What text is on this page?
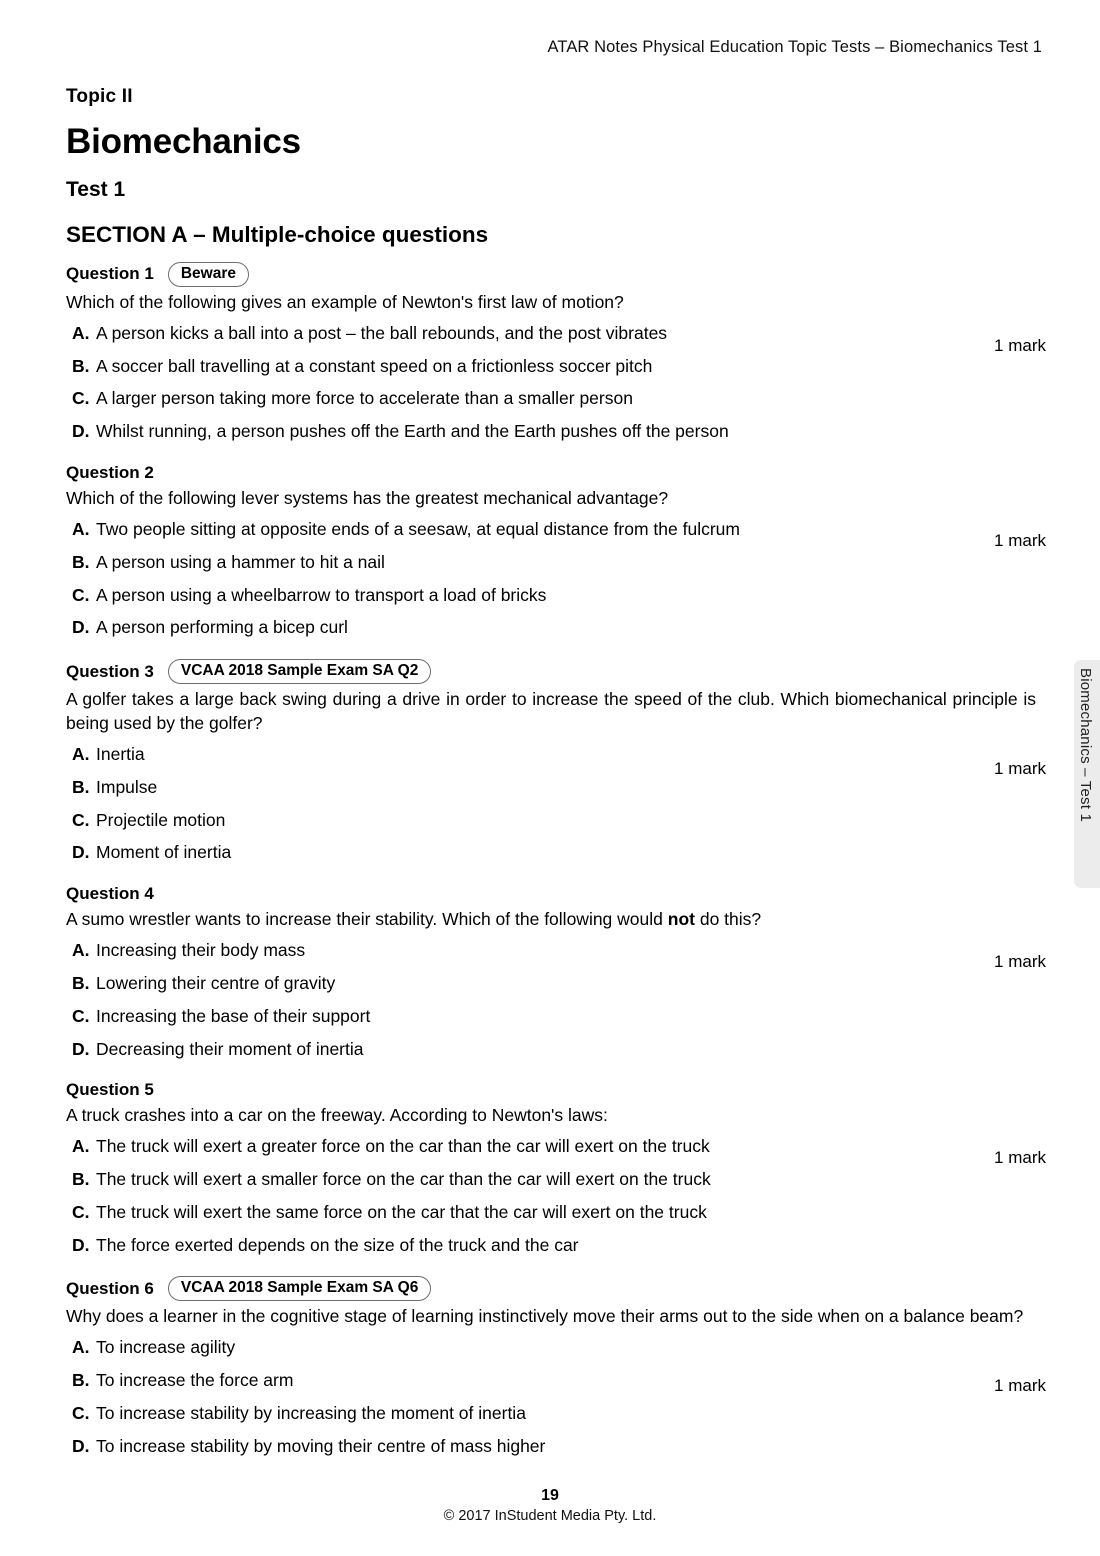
ATAR Notes Physical Education Topic Tests – Biomechanics Test 1
Topic II
Biomechanics
Test 1
SECTION A – Multiple-choice questions
Question 1	Beware
Which of the following gives an example of Newton's first law of motion?
1 mark
A. A person kicks a ball into a post – the ball rebounds, and the post vibrates
B. A soccer ball travelling at a constant speed on a frictionless soccer pitch
C. A larger person taking more force to accelerate than a smaller person
D. Whilst running, a person pushes off the Earth and the Earth pushes off the person
Question 2
Which of the following lever systems has the greatest mechanical advantage?
1 mark
A. Two people sitting at opposite ends of a seesaw, at equal distance from the fulcrum
B. A person using a hammer to hit a nail
C. A person using a wheelbarrow to transport a load of bricks
D. A person performing a bicep curl
Question 3	VCAA 2018 Sample Exam SA Q2
A golfer takes a large back swing during a drive in order to increase the speed of the club. Which biomechanical principle is being used by the golfer?
1 mark
A. Inertia
B. Impulse
C. Projectile motion
D. Moment of inertia
Question 4
A sumo wrestler wants to increase their stability. Which of the following would not do this?
1 mark
A. Increasing their body mass
B. Lowering their centre of gravity
C. Increasing the base of their support
D. Decreasing their moment of inertia
Question 5
A truck crashes into a car on the freeway. According to Newton's laws:
1 mark
A. The truck will exert a greater force on the car than the car will exert on the truck
B. The truck will exert a smaller force on the car than the car will exert on the truck
C. The truck will exert the same force on the car that the car will exert on the truck
D. The force exerted depends on the size of the truck and the car
Question 6	VCAA 2018 Sample Exam SA Q6
Why does a learner in the cognitive stage of learning instinctively move their arms out to the side when on a balance beam?
1 mark
A. To increase agility
B. To increase the force arm
C. To increase stability by increasing the moment of inertia
D. To increase stability by moving their centre of mass higher
Biomechanics – Test 1
19
© 2017 InStudent Media Pty. Ltd.
